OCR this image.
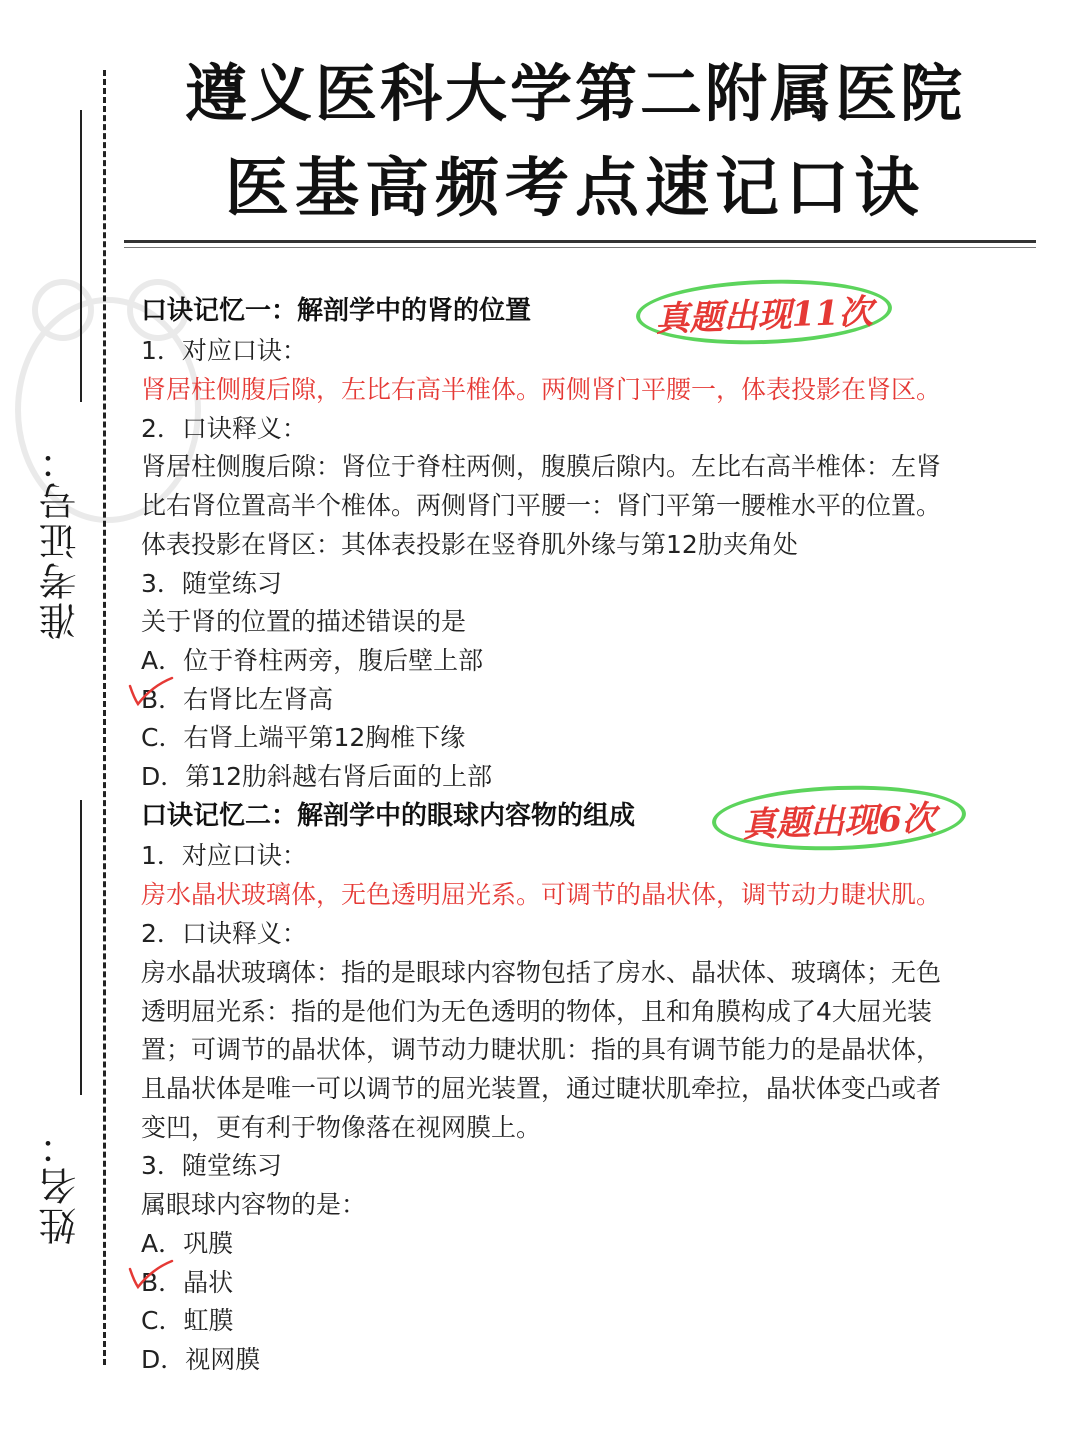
准考证号：
姓名：
遵义医科大学第二附属医院
医基高频考点速记口诀
口诀记忆一：解剖学中的肾的位置	真题出现11次
1．对应口诀：
肾居柱侧腹后隙，左比右高半椎体。两侧肾门平腰一，体表投影在肾区。
2．口诀释义：
肾居柱侧腹后隙：肾位于脊柱两侧，腹膜后隙内。左比右高半椎体：左肾
比右肾位置高半个椎体。两侧肾门平腰一：肾门平第一腰椎水平的位置。
体表投影在肾区：其体表投影在竖脊肌外缘与第12肋夹角处
3．随堂练习
关于肾的位置的描述错误的是
A．位于脊柱两旁，腹后壁上部
B．右肾比左肾高
C．右肾上端平第12胸椎下缘
D．第12肋斜越右肾后面的上部
口诀记忆二：解剖学中的眼球内容物的组成	真题出现6次
1．对应口诀：
房水晶状玻璃体，无色透明屈光系。可调节的晶状体，调节动力睫状肌。
2．口诀释义：
房水晶状玻璃体：指的是眼球内容物包括了房水、晶状体、玻璃体；无色
透明屈光系：指的是他们为无色透明的物体，且和角膜构成了4大屈光装
置；可调节的晶状体，调节动力睫状肌：指的具有调节能力的是晶状体，
且晶状体是唯一可以调节的屈光装置，通过睫状肌牵拉，晶状体变凸或者
变凹，更有利于物像落在视网膜上。
3．随堂练习
属眼球内容物的是：
A．巩膜
B．晶状
C．虹膜
D．视网膜
